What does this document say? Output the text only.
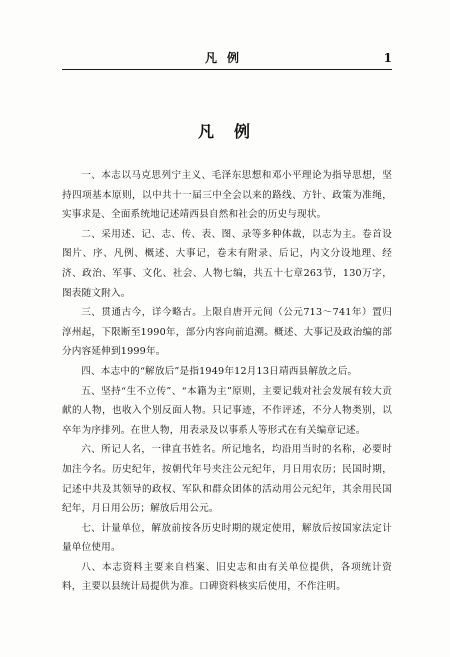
凡例	1
凡例

一、本志以马克思列宁主义、毛泽东思想和邓小平理论为指导思想，坚持四项基本原则，以中共十一届三中全会以来的路线、方针、政策为准绳，实事求是、全面系统地记述靖西县自然和社会的历史与现状。

二、采用述、记、志、传、表、图、录等多种体裁，以志为主。卷首设图片、序、凡例、概述、大事记，卷末有附录、后记，内文分设地理、经济、政治、军事、文化、社会、人物七编，共五十七章263节，130万字，图表随文附入。

三、贯通古今，详今略古。上限自唐开元间（公元713～741年）置归淳州起，下限断至1990年，部分内容向前追溯。概述、大事记及政治编的部分内容延伸到1999年。

四、本志中的“解放后”是指1949年12月13日靖西县解放之后。

五、坚持“生不立传”、“本籍为主”原则，主要记载对社会发展有较大贡献的人物，也收入个别反面人物。只记事迹，不作评述，不分人物类别，以卒年为序排列。在世人物，用表录及以事系人等形式在有关编章记述。

六、所记人名，一律直书姓名。所记地名，均沿用当时的名称，必要时加注今名。历史纪年，按朝代年号夹注公元纪年，月日用农历；民国时期，记述中共及其领导的政权、军队和群众团体的活动用公元纪年，其余用民国纪年，月日用公历；解放后用公元。

七、计量单位，解放前按各历史时期的规定使用，解放后按国家法定计量单位使用。

八、本志资料主要来自档案、旧史志和由有关单位提供，各项统计资料，主要以县统计局提供为准。口碑资料核实后使用，不作注明。
